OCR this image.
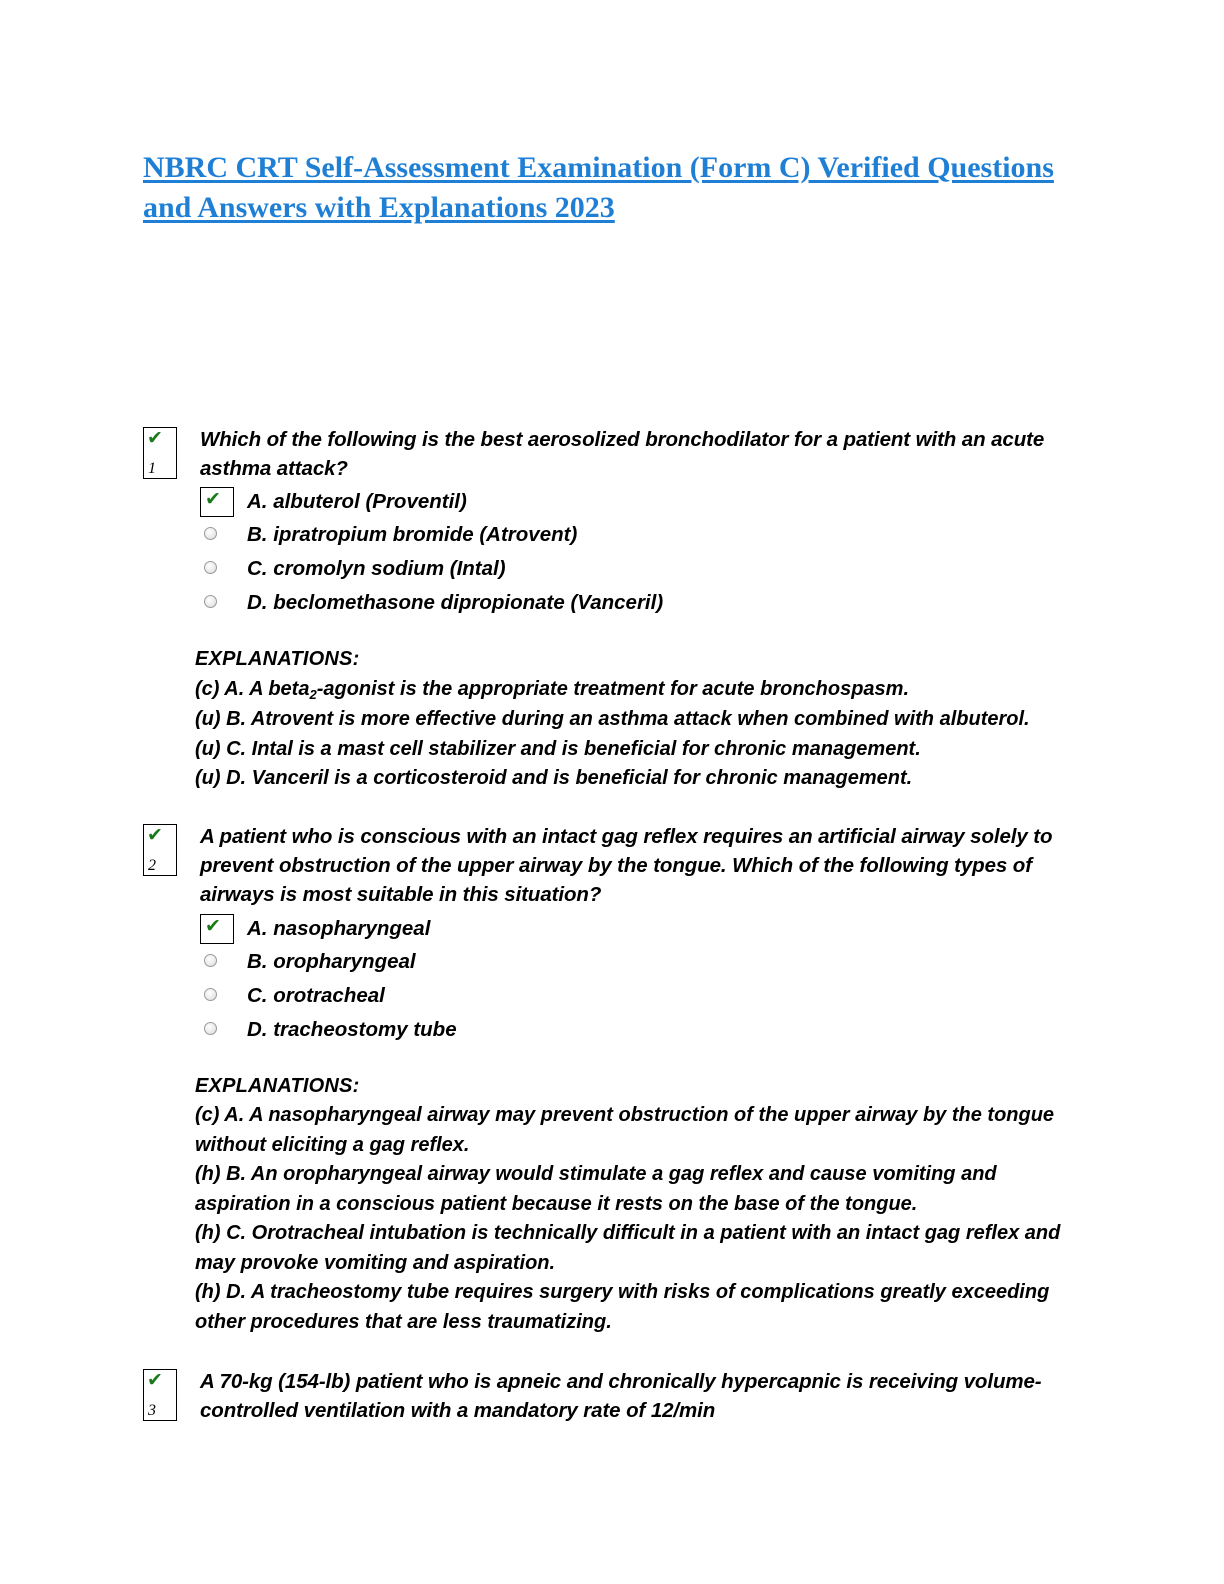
NBRC CRT Self-Assessment Examination (Form C) Verified Questions and Answers with Explanations 2023
✔
1
Which of the following is the best aerosolized bronchodilator for a patient with an acute asthma attack?
✔ A. albuterol (Proventil)
B. ipratropium bromide (Atrovent)
C. cromolyn sodium (Intal)
D. beclomethasone dipropionate (Vanceril)

EXPLANATIONS:

(c) A. A beta$_2$-agonist is the appropriate treatment for acute bronchospasm.

(u) B. Atrovent is more effective during an asthma attack when combined with albuterol.

(u) C. Intal is a mast cell stabilizer and is beneficial for chronic management.

(u) D. Vanceril is a corticosteroid and is beneficial for chronic management.

✔
2
A patient who is conscious with an intact gag reflex requires an artificial airway solely to prevent obstruction of the upper airway by the tongue. Which of the following types of airways is most suitable in this situation?
✔ A. nasopharyngeal
B. oropharyngeal
C. orotracheal
D. tracheostomy tube

EXPLANATIONS:

(c) A. A nasopharyngeal airway may prevent obstruction of the upper airway by the tongue without eliciting a gag reflex.

(h) B. An oropharyngeal airway would stimulate a gag reflex and cause vomiting and aspiration in a conscious patient because it rests on the base of the tongue.

(h) C. Orotracheal intubation is technically difficult in a patient with an intact gag reflex and may provoke vomiting and aspiration.

(h) D. A tracheostomy tube requires surgery with risks of complications greatly exceeding other procedures that are less traumatizing.

✔
3
A 70-kg (154-lb) patient who is apneic and chronically hypercapnic is receiving volume-controlled ventilation with a mandatory rate of 12/min
